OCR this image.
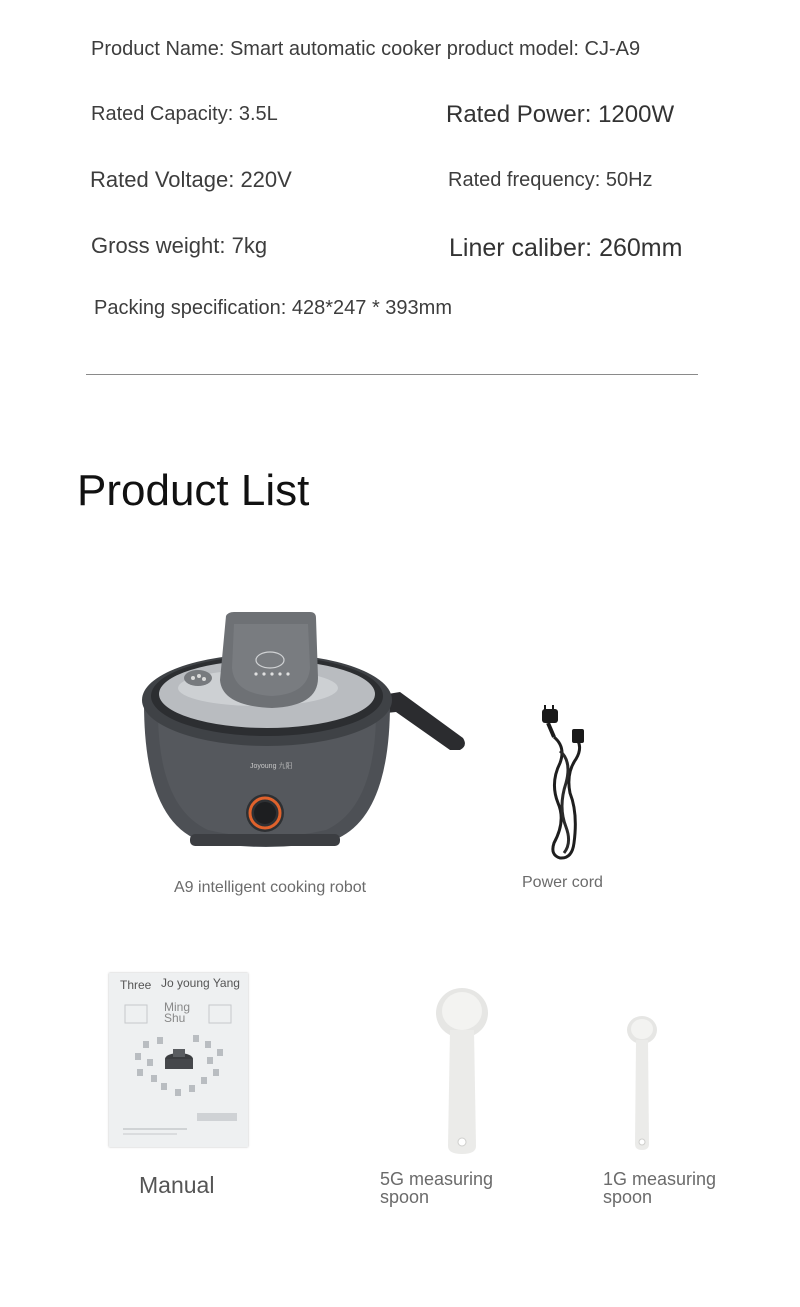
Product Name: Smart automatic cooker product model: CJ-A9
Rated Capacity: 3.5L	Rated Power: 1200W
Rated Voltage: 220V	Rated frequency: 50Hz
Gross weight: 7kg	Liner caliber: 260mm
Packing specification: 428*247 * 393mm
Product List
Joyoung 九阳
A9 intelligent cooking robot	Power cord
Three Jo young Yang
Ming
Shu
Manual	5G measuring
spoon
1G measuring
spoon
